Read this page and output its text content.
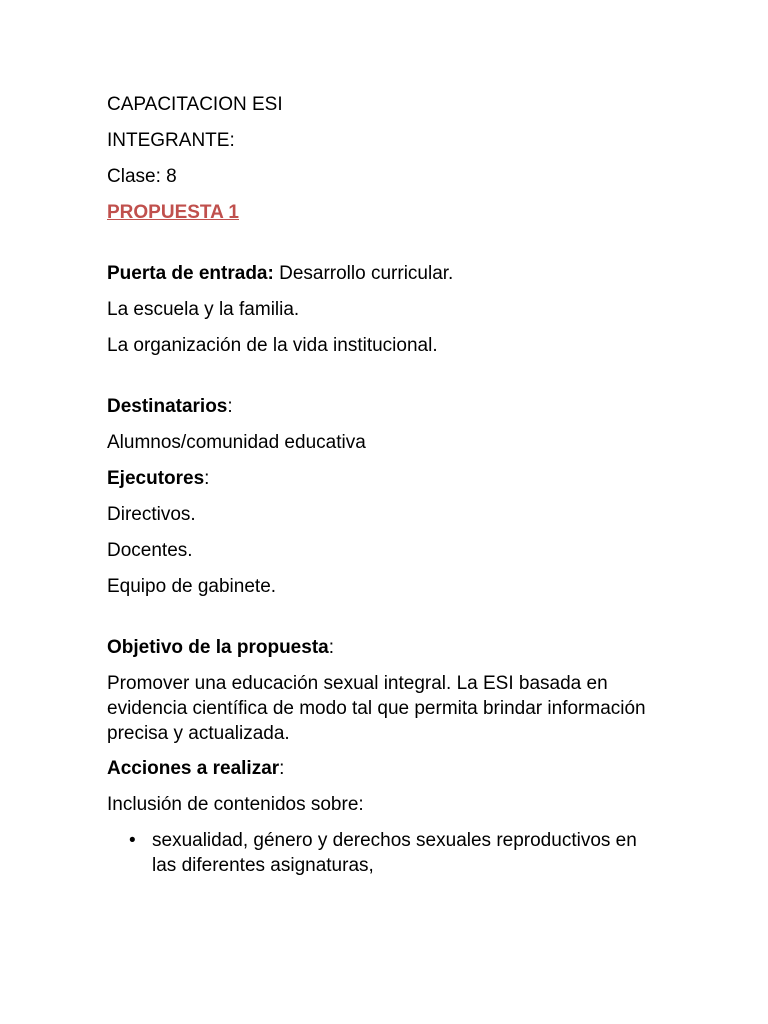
CAPACITACION ESI

INTEGRANTE:

Clase: 8

PROPUESTA 1

Puerta de entrada: Desarrollo curricular.

La escuela y la familia.

La organización de la vida institucional.

Destinatarios:

Alumnos/comunidad educativa

Ejecutores:

Directivos.

Docentes.

Equipo de gabinete.

Objetivo de la propuesta:

Promover una educación sexual integral. La ESI basada en evidencia científica de modo tal que permita brindar información precisa y actualizada.

Acciones a realizar:

Inclusión de contenidos sobre:

• sexualidad, género y derechos sexuales reproductivos en las diferentes asignaturas,
